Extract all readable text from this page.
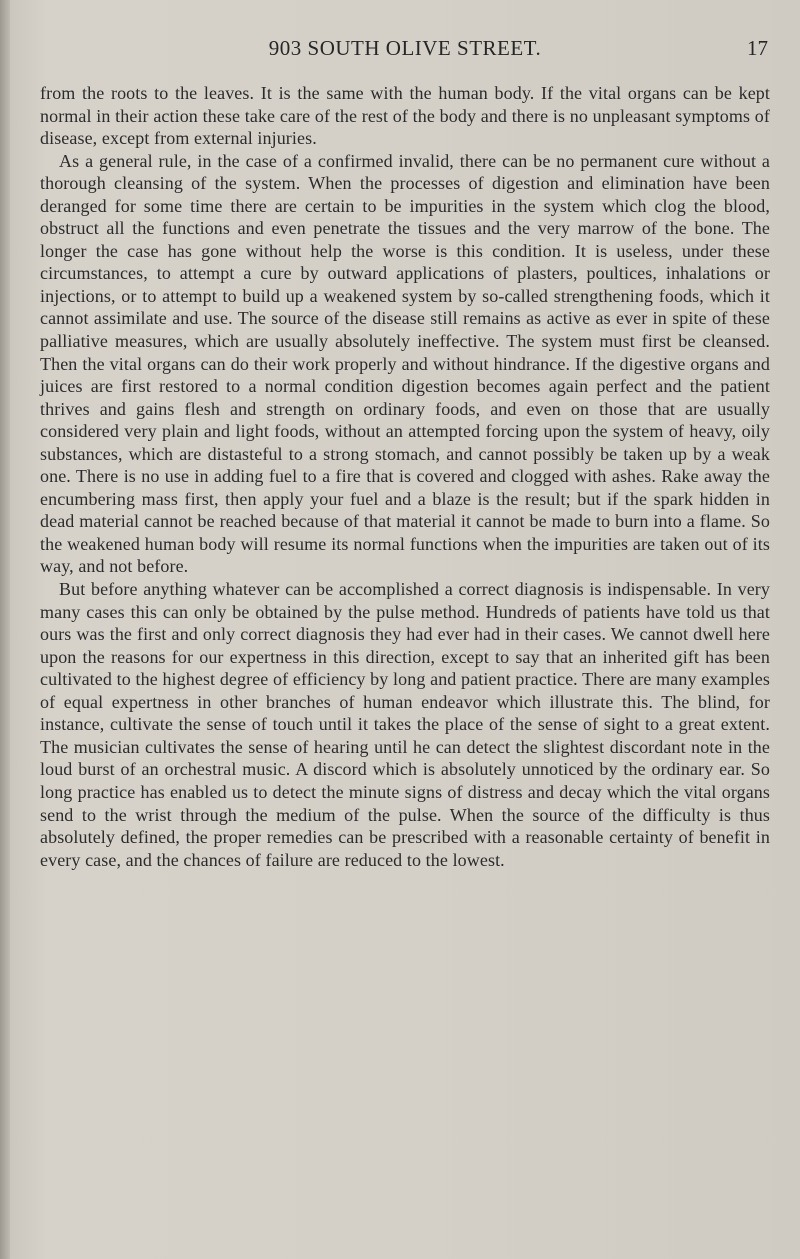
903 SOUTH OLIVE STREET.	17

from the roots to the leaves. It is the same with the human body. If the vital organs can be kept normal in their action these take care of the rest of the body and there is no unpleasant symptoms of disease, except from external injuries.

As a general rule, in the case of a confirmed invalid, there can be no permanent cure without a thorough cleansing of the system. When the processes of digestion and elimination have been deranged for some time there are certain to be impurities in the system which clog the blood, obstruct all the functions and even penetrate the tissues and the very marrow of the bone. The longer the case has gone without help the worse is this condition. It is useless, under these circumstances, to attempt a cure by outward applications of plasters, poultices, inhalations or injections, or to attempt to build up a weakened system by so-called strengthening foods, which it cannot assimilate and use. The source of the disease still remains as active as ever in spite of these palliative measures, which are usually absolutely ineffective. The system must first be cleansed. Then the vital organs can do their work properly and without hindrance. If the digestive organs and juices are first restored to a normal condition digestion becomes again perfect and the patient thrives and gains flesh and strength on ordinary foods, and even on those that are usually considered very plain and light foods, without an attempted forcing upon the system of heavy, oily substances, which are distasteful to a strong stomach, and cannot possibly be taken up by a weak one. There is no use in adding fuel to a fire that is covered and clogged with ashes. Rake away the encumbering mass first, then apply your fuel and a blaze is the result; but if the spark hidden in dead material cannot be reached because of that material it cannot be made to burn into a flame. So the weakened human body will resume its normal functions when the impurities are taken out of its way, and not before.

But before anything whatever can be accomplished a correct diagnosis is indispensable. In very many cases this can only be obtained by the pulse method. Hundreds of patients have told us that ours was the first and only correct diagnosis they had ever had in their cases. We cannot dwell here upon the reasons for our expertness in this direction, except to say that an inherited gift has been cultivated to the highest degree of efficiency by long and patient practice. There are many examples of equal expertness in other branches of human endeavor which illustrate this. The blind, for instance, cultivate the sense of touch until it takes the place of the sense of sight to a great extent. The musician cultivates the sense of hearing until he can detect the slightest discordant note in the loud burst of an orchestral music. A discord which is absolutely unnoticed by the ordinary ear. So long practice has enabled us to detect the minute signs of distress and decay which the vital organs send to the wrist through the medium of the pulse. When the source of the difficulty is thus absolutely defined, the proper remedies can be prescribed with a reasonable certainty of benefit in every case, and the chances of failure are reduced to the lowest.
